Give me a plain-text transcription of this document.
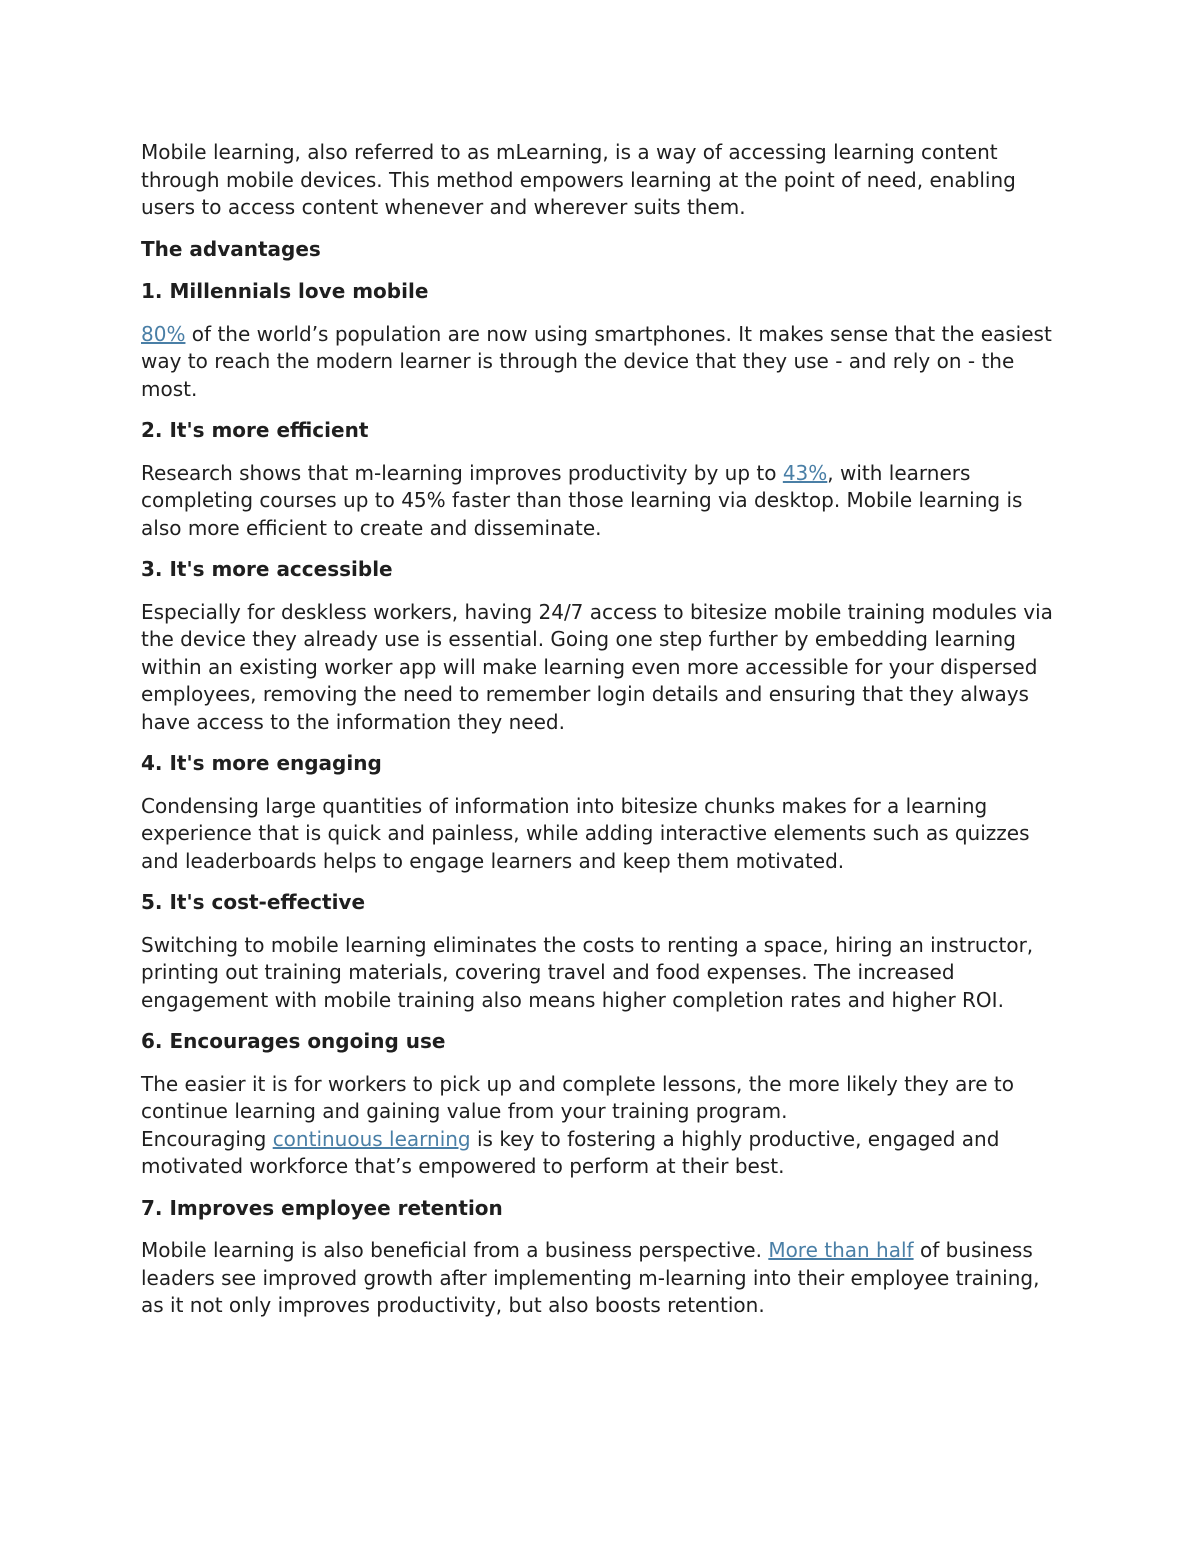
Mobile learning, also referred to as mLearning, is a way of accessing learning content through mobile devices. This method empowers learning at the point of need, enabling users to access content whenever and wherever suits them.

The advantages

1. Millennials love mobile

80% of the world’s population are now using smartphones. It makes sense that the easiest way to reach the modern learner is through the device that they use - and rely on - the most.

2. It's more efficient

Research shows that m-learning improves productivity by up to 43%, with learners completing courses up to 45% faster than those learning via desktop. Mobile learning is also more efficient to create and disseminate.

3. It's more accessible

Especially for deskless workers, having 24/7 access to bitesize mobile training modules via the device they already use is essential. Going one step further by embedding learning within an existing worker app will make learning even more accessible for your dispersed employees, removing the need to remember login details and ensuring that they always have access to the information they need.

4. It's more engaging

Condensing large quantities of information into bitesize chunks makes for a learning experience that is quick and painless, while adding interactive elements such as quizzes and leaderboards helps to engage learners and keep them motivated.

5. It's cost-effective

Switching to mobile learning eliminates the costs to renting a space, hiring an instructor, printing out training materials, covering travel and food expenses. The increased engagement with mobile training also means higher completion rates and higher ROI.

6. Encourages ongoing use

The easier it is for workers to pick up and complete lessons, the more likely they are to continue learning and gaining value from your training program.
Encouraging continuous learning is key to fostering a highly productive, engaged and motivated workforce that’s empowered to perform at their best.

7. Improves employee retention

Mobile learning is also beneficial from a business perspective. More than half of business leaders see improved growth after implementing m-learning into their employee training, as it not only improves productivity, but also boosts retention.
